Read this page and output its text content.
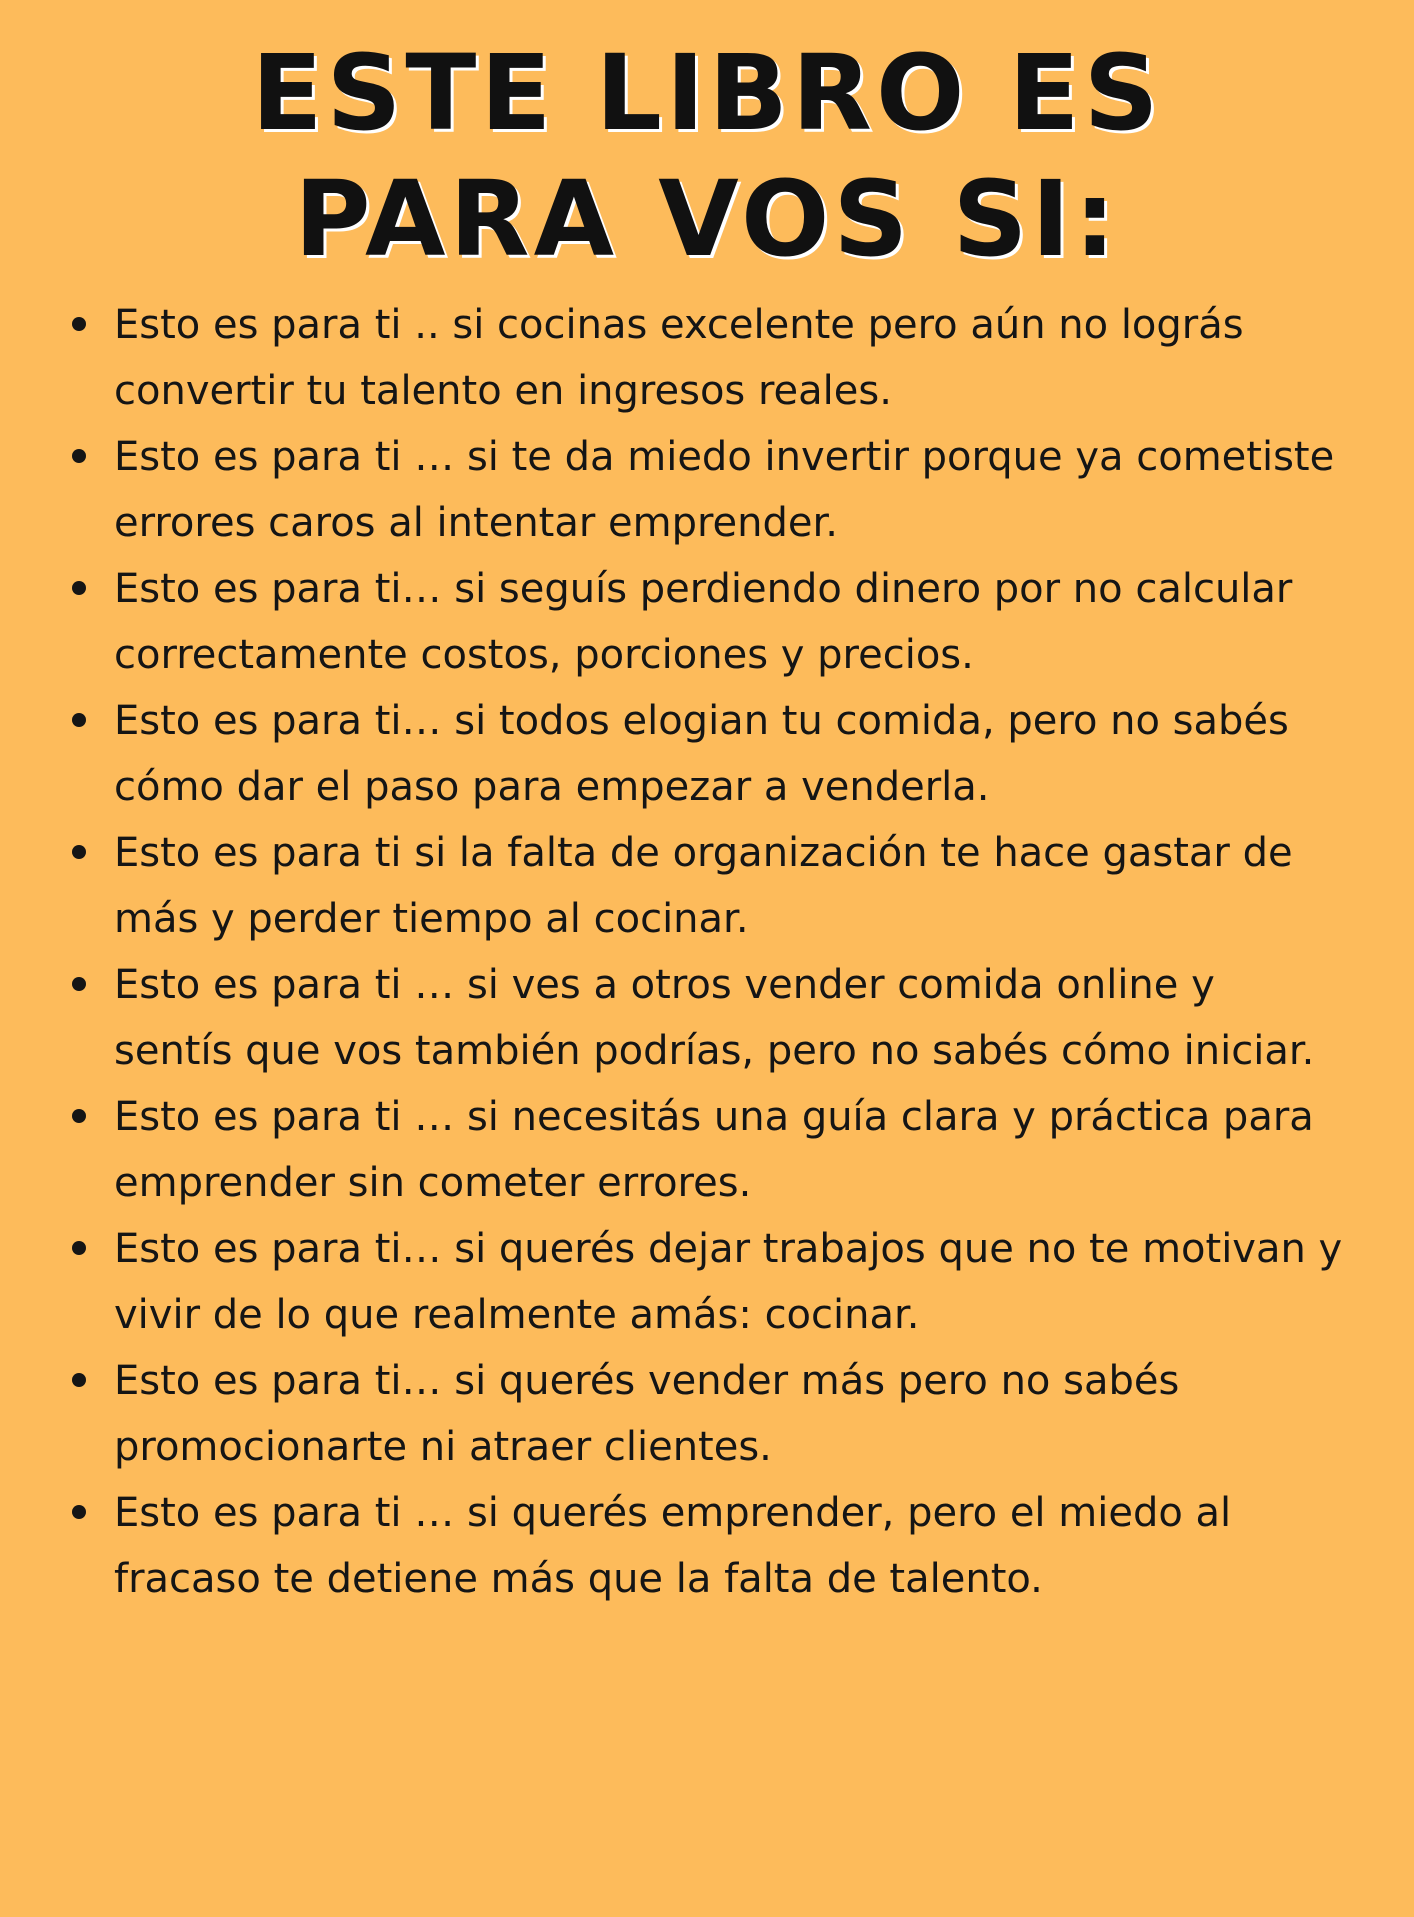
ESTE LIBRO ES
PARA VOS SI:
Esto es para ti .. si cocinas excelente pero aún no lográs convertir tu talento en ingresos reales.
Esto es para ti … si te da miedo invertir porque ya cometiste errores caros al intentar emprender.
Esto es para ti… si seguís perdiendo dinero por no calcular correctamente costos, porciones y precios.
Esto es para ti… si todos elogian tu comida, pero no sabés cómo dar el paso para empezar a venderla.
Esto es para ti si la falta de organización te hace gastar de más y perder tiempo al cocinar.
Esto es para ti … si ves a otros vender comida online y sentís que vos también podrías, pero no sabés cómo iniciar.
Esto es para ti … si necesitás una guía clara y práctica para emprender sin cometer errores.
Esto es para ti… si querés dejar trabajos que no te motivan y vivir de lo que realmente amás: cocinar.
Esto es para ti… si querés vender más pero no sabés promocionarte ni atraer clientes.
Esto es para ti … si querés emprender, pero el miedo al fracaso te detiene más que la falta de talento.
